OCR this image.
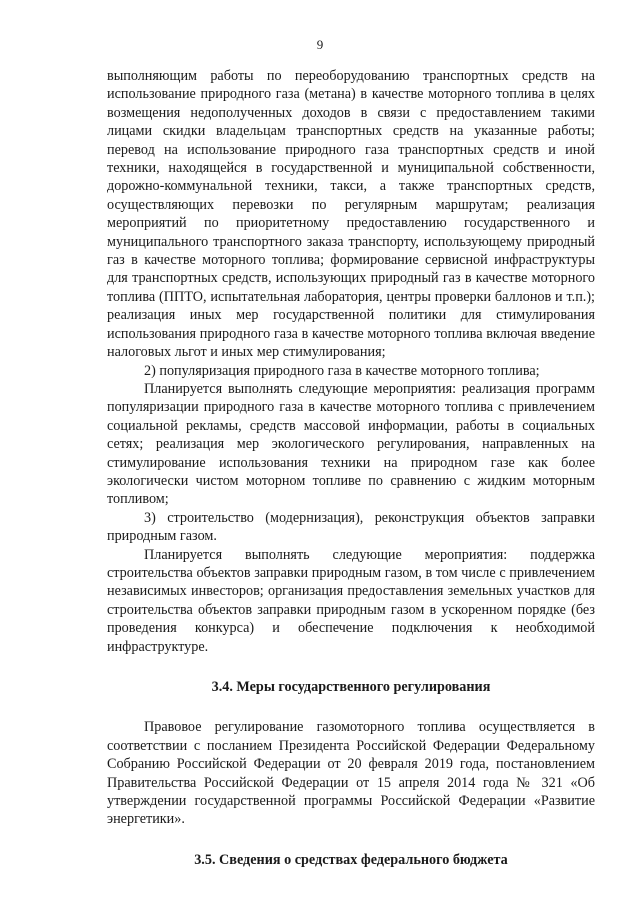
9

выполняющим работы по переоборудованию транспортных средств на использование природного газа (метана) в качестве моторного топлива в целях возмещения недополученных доходов в связи с предоставлением такими лицами скидки владельцам транспортных средств на указанные работы; перевод на использование природного газа транспортных средств и иной техники, находящейся в государственной и муниципальной собственности, дорожно-коммунальной техники, такси, а также транспортных средств, осуществляющих перевозки по регулярным маршрутам; реализация мероприятий по приоритетному предоставлению государственного и муниципального транспортного заказа транспорту, использующему природный газ в качестве моторного топлива; формирование сервисной инфраструктуры для транспортных средств, использующих природный газ в качестве моторного топлива (ППТО, испытательная лаборатория, центры проверки баллонов и т.п.); реализация иных мер государственной политики для стимулирования использования природного газа в качестве моторного топлива включая введение налоговых льгот и иных мер стимулирования;

2) популяризация природного газа в качестве моторного топлива;

Планируется выполнять следующие мероприятия: реализация программ популяризации природного газа в качестве моторного топлива с привлечением социальной рекламы, средств массовой информации, работы в социальных сетях; реализация мер экологического регулирования, направленных на стимулирование использования техники на природном газе как более экологически чистом моторном топливе по сравнению с жидким моторным топливом;

3) строительство (модернизация), реконструкция объектов заправки природным газом.

Планируется выполнять следующие мероприятия: поддержка строительства объектов заправки природным газом, в том числе с привлечением независимых инвесторов; организация предоставления земельных участков для строительства объектов заправки природным газом в ускоренном порядке (без проведения конкурса) и обеспечение подключения к необходимой инфраструктуре.

3.4. Меры государственного регулирования

Правовое регулирование газомоторного топлива осуществляется в соответствии с посланием Президента Российской Федерации Федеральному Собранию Российской Федерации от 20 февраля 2019 года, постановлением Правительства Российской Федерации от 15 апреля 2014 года № 321 «Об утверждении государственной программы Российской Федерации «Развитие энергетики».

3.5. Сведения о средствах федерального бюджета
